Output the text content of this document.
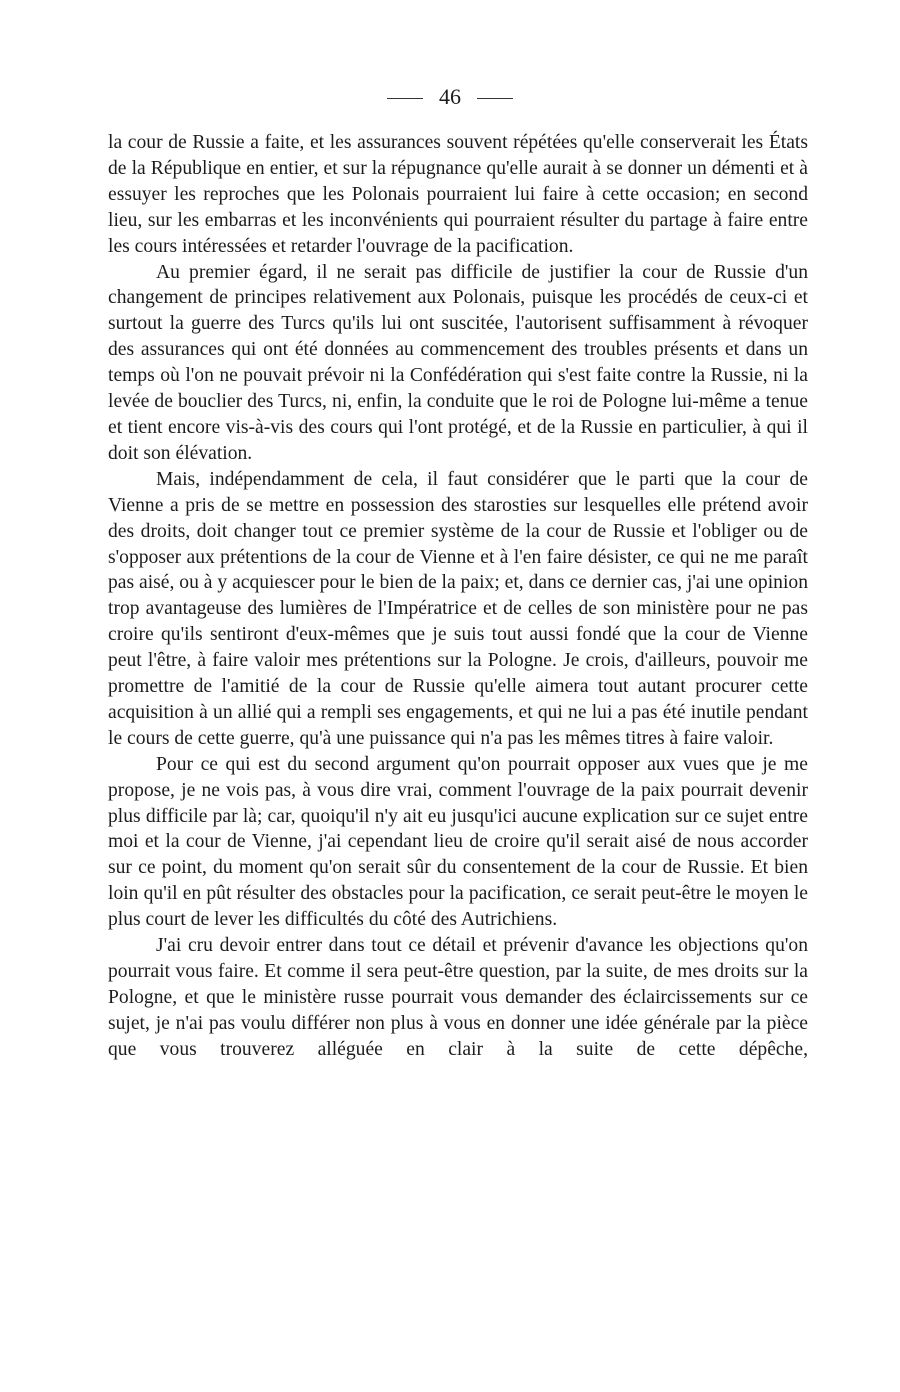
46

la cour de Russie a faite, et les assurances souvent répétées qu'elle conserverait les États de la République en entier, et sur la répugnance qu'elle aurait à se donner un démenti et à essuyer les reproches que les Polonais pourraient lui faire à cette occasion; en second lieu, sur les embarras et les inconvénients qui pourraient résulter du partage à faire entre les cours intéressées et retarder l'ouvrage de la pacification.

Au premier égard, il ne serait pas difficile de justifier la cour de Russie d'un changement de principes relativement aux Polonais, puisque les procédés de ceux-ci et surtout la guerre des Turcs qu'ils lui ont suscitée, l'autorisent suffisamment à révoquer des assurances qui ont été données au commencement des troubles présents et dans un temps où l'on ne pouvait prévoir ni la Confédération qui s'est faite contre la Russie, ni la levée de bouclier des Turcs, ni, enfin, la conduite que le roi de Pologne lui-même a tenue et tient encore vis-à-vis des cours qui l'ont protégé, et de la Russie en particulier, à qui il doit son élévation.

Mais, indépendamment de cela, il faut considérer que le parti que la cour de Vienne a pris de se mettre en possession des starosties sur lesquelles elle prétend avoir des droits, doit changer tout ce premier système de la cour de Russie et l'obliger ou de s'opposer aux prétentions de la cour de Vienne et à l'en faire désister, ce qui ne me paraît pas aisé, ou à y acquiescer pour le bien de la paix; et, dans ce dernier cas, j'ai une opinion trop avantageuse des lumières de l'Impératrice et de celles de son ministère pour ne pas croire qu'ils sentiront d'eux-mêmes que je suis tout aussi fondé que la cour de Vienne peut l'être, à faire valoir mes prétentions sur la Pologne. Je crois, d'ailleurs, pouvoir me promettre de l'amitié de la cour de Russie qu'elle aimera tout autant procurer cette acquisition à un allié qui a rempli ses engagements, et qui ne lui a pas été inutile pendant le cours de cette guerre, qu'à une puissance qui n'a pas les mêmes titres à faire valoir.

Pour ce qui est du second argument qu'on pourrait opposer aux vues que je me propose, je ne vois pas, à vous dire vrai, comment l'ouvrage de la paix pourrait devenir plus difficile par là; car, quoiqu'il n'y ait eu jusqu'ici aucune explication sur ce sujet entre moi et la cour de Vienne, j'ai cependant lieu de croire qu'il serait aisé de nous accorder sur ce point, du moment qu'on serait sûr du consentement de la cour de Russie. Et bien loin qu'il en pût résulter des obstacles pour la pacification, ce serait peut-être le moyen le plus court de lever les difficultés du côté des Autrichiens.

J'ai cru devoir entrer dans tout ce détail et prévenir d'avance les objections qu'on pourrait vous faire. Et comme il sera peut-être question, par la suite, de mes droits sur la Pologne, et que le ministère russe pourrait vous demander des éclaircissements sur ce sujet, je n'ai pas voulu différer non plus à vous en donner une idée générale par la pièce que vous trouverez alléguée en clair à la suite de cette dépêche,
